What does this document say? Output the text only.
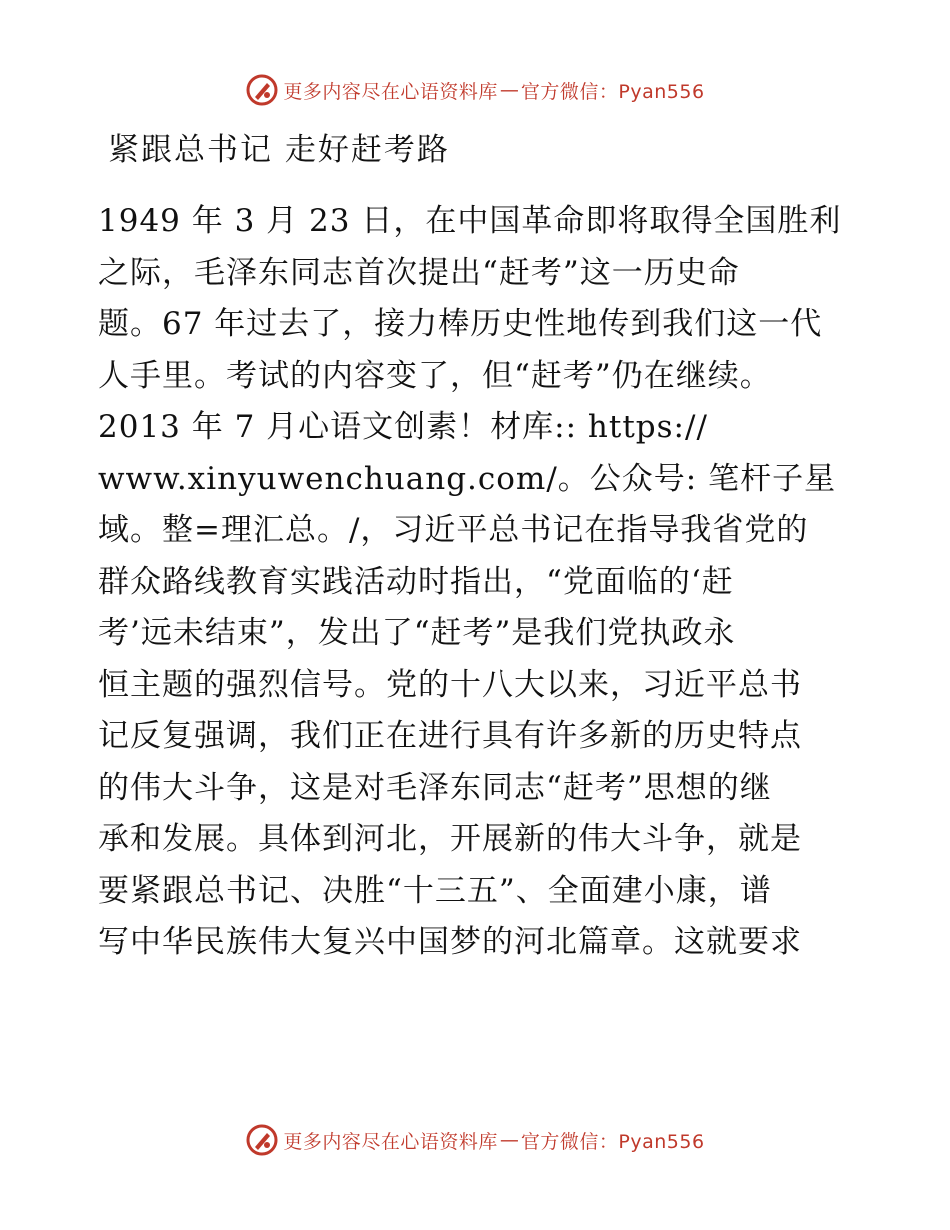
更多内容尽在心语资料库 — 官方微信：Pyan556
紧跟总书记 走好赶考路
1949 年 3 月 23 日，在中国革命即将取得全国胜利
之际，毛泽东同志首次提出“赶考”这一历史命
题。67 年过去了，接力棒历史性地传到我们这一代
人手里。考试的内容变了，但“赶考”仍在继续。
2013 年 7 月心语文创素！材库:: https://
www.xinyuwenchuang.com/。公众号: 笔杆子星
域。整=理汇总。/，习近平总书记在指导我省党的
群众路线教育实践活动时指出，“党面临的‘赶
考’远未结束”，发出了“赶考”是我们党执政永
恒主题的强烈信号。党的十八大以来，习近平总书
记反复强调，我们正在进行具有许多新的历史特点
的伟大斗争，这是对毛泽东同志“赶考”思想的继
承和发展。具体到河北，开展新的伟大斗争，就是
要紧跟总书记、决胜“十三五”、全面建小康，谱
写中华民族伟大复兴中国梦的河北篇章。这就要求
更多内容尽在心语资料库 — 官方微信：Pyan556
